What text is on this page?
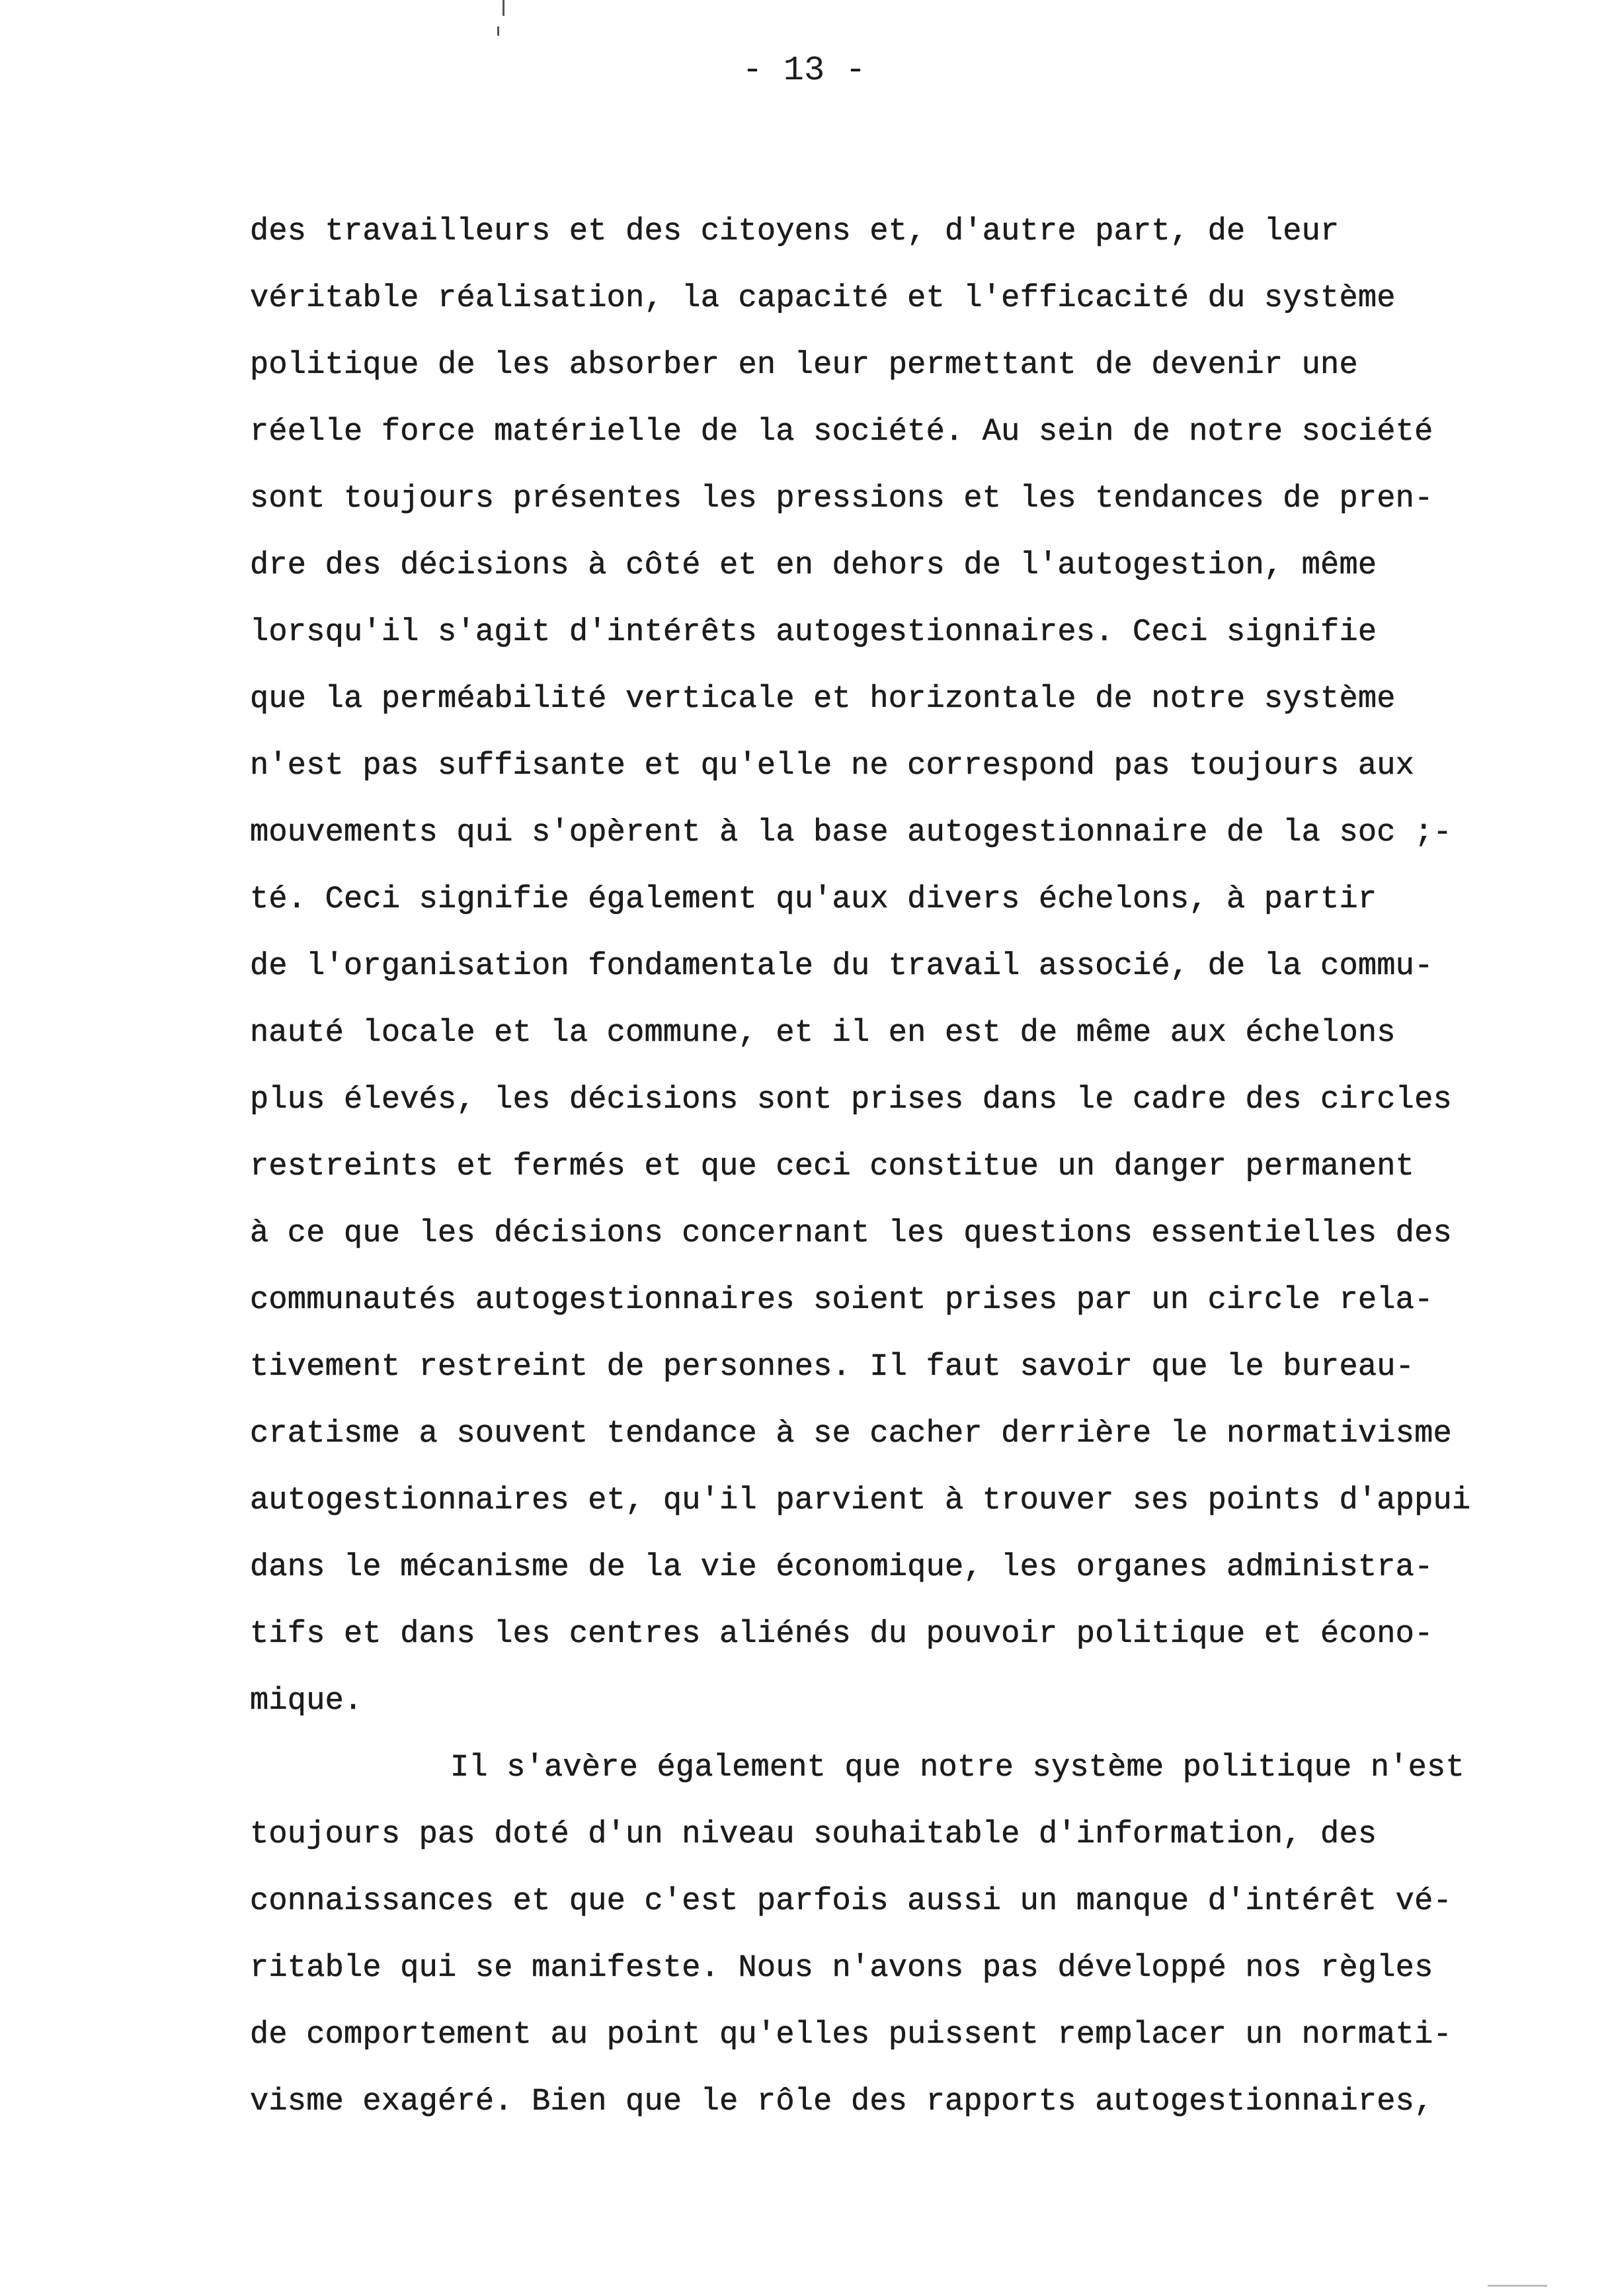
- 13 -
des travailleurs et des citoyens et, d'autre part, de leur
véritable réalisation, la capacité et l'efficacité du système
politique de les absorber en leur permettant de devenir une
réelle force matérielle de la société. Au sein de notre société
sont toujours présentes les pressions et les tendances de pren-
dre des décisions à côté et en dehors de l'autogestion, même
lorsqu'il s'agit d'intérêts autogestionnaires. Ceci signifie
que la perméabilité verticale et horizontale de notre système
n'est pas suffisante et qu'elle ne correspond pas toujours aux
mouvements qui s'opèrent à la base autogestionnaire de la soc ;-
té. Ceci signifie également qu'aux divers échelons, à partir
de l'organisation fondamentale du travail associé, de la commu-
nauté locale et la commune, et il en est de même aux échelons
plus élevés, les décisions sont prises dans le cadre des circles
restreints et fermés et que ceci constitue un danger permanent
à ce que les décisions concernant les questions essentielles des
communautés autogestionnaires soient prises par un circle rela-
tivement restreint de personnes. Il faut savoir que le bureau-
cratisme a souvent tendance à se cacher derrière le normativisme
autogestionnaires et, qu'il parvient à trouver ses points d'appui
dans le mécanisme de la vie économique, les organes administra-
tifs et dans les centres aliénés du pouvoir politique et écono-
mique.
Il s'avère également que notre système politique n'est
toujours pas doté d'un niveau souhaitable d'information, des
connaissances et que c'est parfois aussi un manque d'intérêt vé-
ritable qui se manifeste. Nous n'avons pas développé nos règles
de comportement au point qu'elles puissent remplacer un normati-
visme exagéré. Bien que le rôle des rapports autogestionnaires,
